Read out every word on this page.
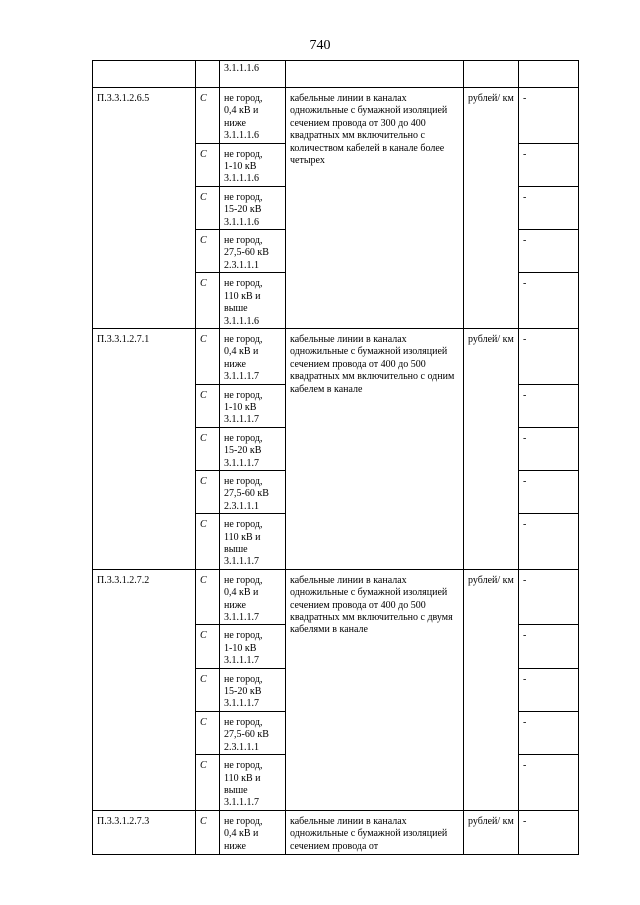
740
		3.1.1.1.6			
П.3.3.1.2.6.5	C	не город,
0,4 кВ и
ниже
3.1.1.1.6	кабельные линии в каналах одножильные с бумажной изоляцией сечением провода от 300 до 400 квадратных мм включительно с количеством кабелей в канале более четырех	рублей/ км	-
	C	не город,
1-10 кВ
3.1.1.1.6			-
	C	не город,
15-20 кВ
3.1.1.1.6			-
	C	не город,
27,5-60 кВ
2.3.1.1.1			-
	C	не город,
110 кВ и
выше
3.1.1.1.6			-
П.3.3.1.2.7.1	C	не город,
0,4 кВ и
ниже
3.1.1.1.7	кабельные линии в каналах одножильные с бумажной изоляцией сечением провода от 400 до 500 квадратных мм включительно с одним кабелем в канале	рублей/ км	-
	C	не город,
1-10 кВ
3.1.1.1.7			-
	C	не город,
15-20 кВ
3.1.1.1.7			-
	C	не город,
27,5-60 кВ
2.3.1.1.1			-
	C	не город,
110 кВ и
выше
3.1.1.1.7			-
П.3.3.1.2.7.2	C	не город,
0,4 кВ и
ниже
3.1.1.1.7	кабельные линии в каналах одножильные с бумажной изоляцией сечением провода от 400 до 500 квадратных мм включительно с двумя кабелями в канале	рублей/ км	-
	C	не город,
1-10 кВ
3.1.1.1.7			-
	C	не город,
15-20 кВ
3.1.1.1.7			-
	C	не город,
27,5-60 кВ
2.3.1.1.1			-
	C	не город,
110 кВ и
выше
3.1.1.1.7			-
П.3.3.1.2.7.3	C	не город,
0,4 кВ и
ниже	кабельные линии в каналах одножильные с бумажной изоляцией сечением провода от	рублей/ км	-
